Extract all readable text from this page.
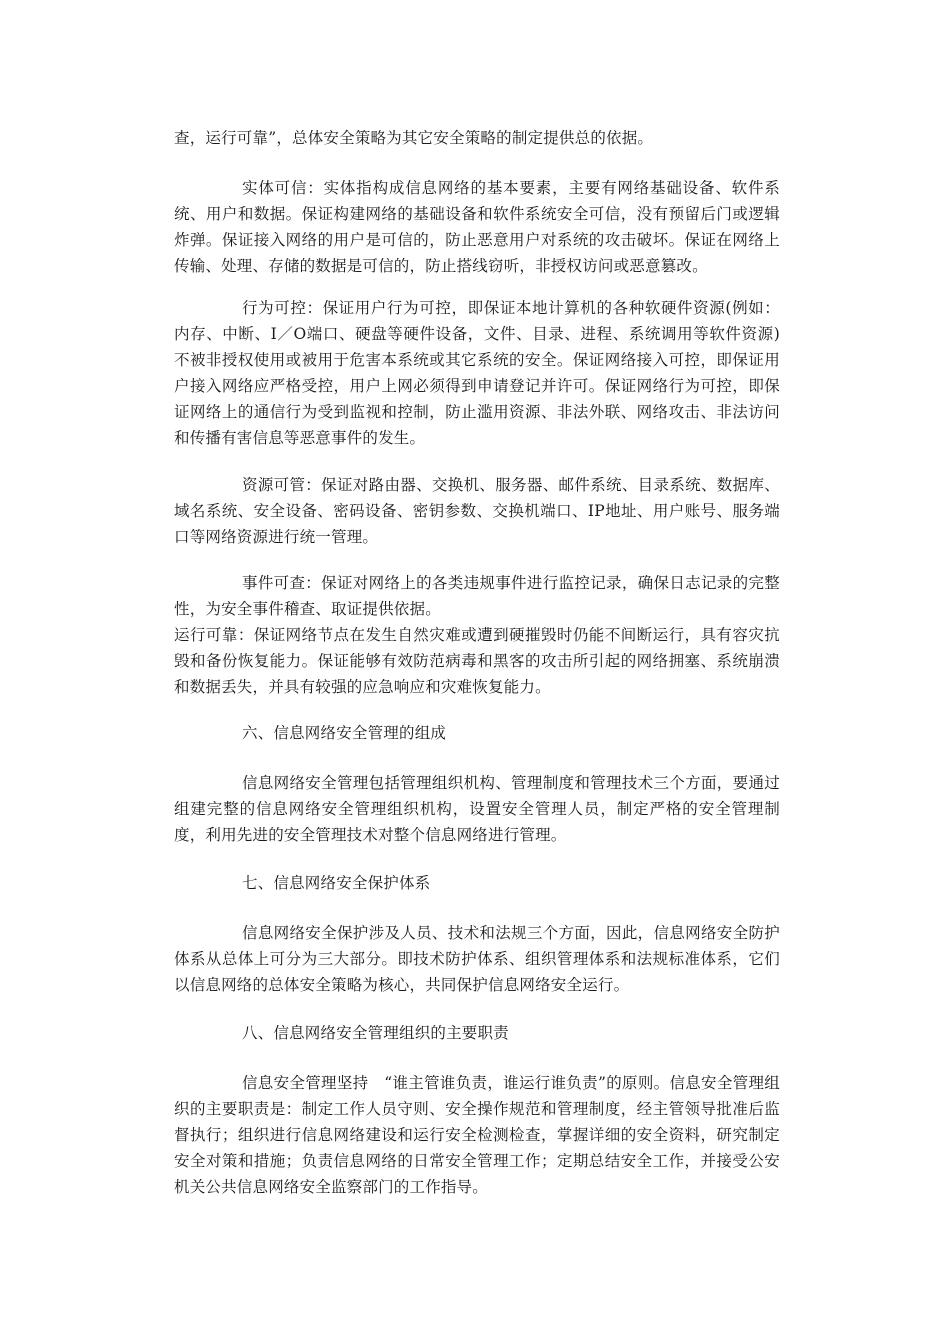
查，运行可靠”，总体安全策略为其它安全策略的制定提供总的依据。

实体可信：实体指构成信息网络的基本要素，主要有网络基础设备、软件系统、用户和数据。保证构建网络的基础设备和软件系统安全可信，没有预留后门或逻辑炸弹。保证接入网络的用户是可信的，防止恶意用户对系统的攻击破坏。保证在网络上传输、处理、存储的数据是可信的，防止搭线窃听，非授权访问或恶意篡改。

行为可控：保证用户行为可控，即保证本地计算机的各种软硬件资源(例如：内存、中断、I／O端口、硬盘等硬件设备，文件、目录、进程、系统调用等软件资源)不被非授权使用或被用于危害本系统或其它系统的安全。保证网络接入可控，即保证用户接入网络应严格受控，用户上网必须得到申请登记并许可。保证网络行为可控，即保证网络上的通信行为受到监视和控制，防止滥用资源、非法外联、网络攻击、非法访问和传播有害信息等恶意事件的发生。

资源可管：保证对路由器、交换机、服务器、邮件系统、目录系统、数据库、域名系统、安全设备、密码设备、密钥参数、交换机端口、IP地址、用户账号、服务端口等网络资源进行统一管理。

事件可查：保证对网络上的各类违规事件进行监控记录，确保日志记录的完整性，为安全事件稽查、取证提供依据。

运行可靠：保证网络节点在发生自然灾难或遭到硬摧毁时仍能不间断运行，具有容灾抗毁和备份恢复能力。保证能够有效防范病毒和黑客的攻击所引起的网络拥塞、系统崩溃和数据丢失，并具有较强的应急响应和灾难恢复能力。

六、信息网络安全管理的组成

信息网络安全管理包括管理组织机构、管理制度和管理技术三个方面，要通过组建完整的信息网络安全管理组织机构，设置安全管理人员，制定严格的安全管理制度，利用先进的安全管理技术对整个信息网络进行管理。

七、信息网络安全保护体系

信息网络安全保护涉及人员、技术和法规三个方面，因此，信息网络安全防护体系从总体上可分为三大部分。即技术防护体系、组织管理体系和法规标准体系，它们以信息网络的总体安全策略为核心，共同保护信息网络安全运行。

八、信息网络安全管理组织的主要职责

信息安全管理坚持　“谁主管谁负责，谁运行谁负责”的原则。信息安全管理组织的主要职责是：制定工作人员守则、安全操作规范和管理制度，经主管领导批准后监督执行；组织进行信息网络建设和运行安全检测检查，掌握详细的安全资料，研究制定安全对策和措施；负责信息网络的日常安全管理工作；定期总结安全工作，并接受公安机关公共信息网络安全监察部门的工作指导。
